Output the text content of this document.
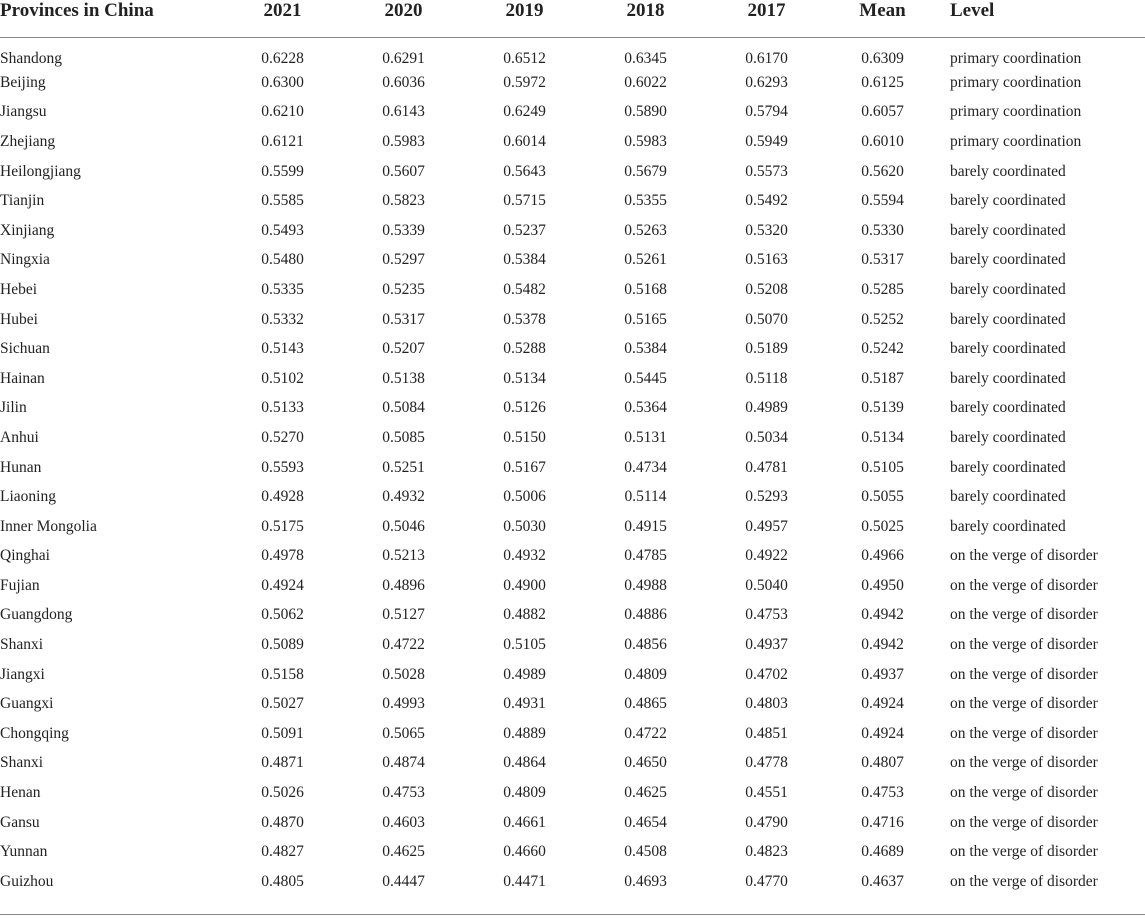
Provinces in China	2021	2020	2019	2018	2017	Mean	Level
Shandong	0.6228	0.6291	0.6512	0.6345	0.6170	0.6309	primary coordination
Beijing	0.6300	0.6036	0.5972	0.6022	0.6293	0.6125	primary coordination
Jiangsu	0.6210	0.6143	0.6249	0.5890	0.5794	0.6057	primary coordination
Zhejiang	0.6121	0.5983	0.6014	0.5983	0.5949	0.6010	primary coordination
Heilongjiang	0.5599	0.5607	0.5643	0.5679	0.5573	0.5620	barely coordinated
Tianjin	0.5585	0.5823	0.5715	0.5355	0.5492	0.5594	barely coordinated
Xinjiang	0.5493	0.5339	0.5237	0.5263	0.5320	0.5330	barely coordinated
Ningxia	0.5480	0.5297	0.5384	0.5261	0.5163	0.5317	barely coordinated
Hebei	0.5335	0.5235	0.5482	0.5168	0.5208	0.5285	barely coordinated
Hubei	0.5332	0.5317	0.5378	0.5165	0.5070	0.5252	barely coordinated
Sichuan	0.5143	0.5207	0.5288	0.5384	0.5189	0.5242	barely coordinated
Hainan	0.5102	0.5138	0.5134	0.5445	0.5118	0.5187	barely coordinated
Jilin	0.5133	0.5084	0.5126	0.5364	0.4989	0.5139	barely coordinated
Anhui	0.5270	0.5085	0.5150	0.5131	0.5034	0.5134	barely coordinated
Hunan	0.5593	0.5251	0.5167	0.4734	0.4781	0.5105	barely coordinated
Liaoning	0.4928	0.4932	0.5006	0.5114	0.5293	0.5055	barely coordinated
Inner Mongolia	0.5175	0.5046	0.5030	0.4915	0.4957	0.5025	barely coordinated
Qinghai	0.4978	0.5213	0.4932	0.4785	0.4922	0.4966	on the verge of disorder
Fujian	0.4924	0.4896	0.4900	0.4988	0.5040	0.4950	on the verge of disorder
Guangdong	0.5062	0.5127	0.4882	0.4886	0.4753	0.4942	on the verge of disorder
Shanxi	0.5089	0.4722	0.5105	0.4856	0.4937	0.4942	on the verge of disorder
Jiangxi	0.5158	0.5028	0.4989	0.4809	0.4702	0.4937	on the verge of disorder
Guangxi	0.5027	0.4993	0.4931	0.4865	0.4803	0.4924	on the verge of disorder
Chongqing	0.5091	0.5065	0.4889	0.4722	0.4851	0.4924	on the verge of disorder
Shanxi	0.4871	0.4874	0.4864	0.4650	0.4778	0.4807	on the verge of disorder
Henan	0.5026	0.4753	0.4809	0.4625	0.4551	0.4753	on the verge of disorder
Gansu	0.4870	0.4603	0.4661	0.4654	0.4790	0.4716	on the verge of disorder
Yunnan	0.4827	0.4625	0.4660	0.4508	0.4823	0.4689	on the verge of disorder
Guizhou	0.4805	0.4447	0.4471	0.4693	0.4770	0.4637	on the verge of disorder
